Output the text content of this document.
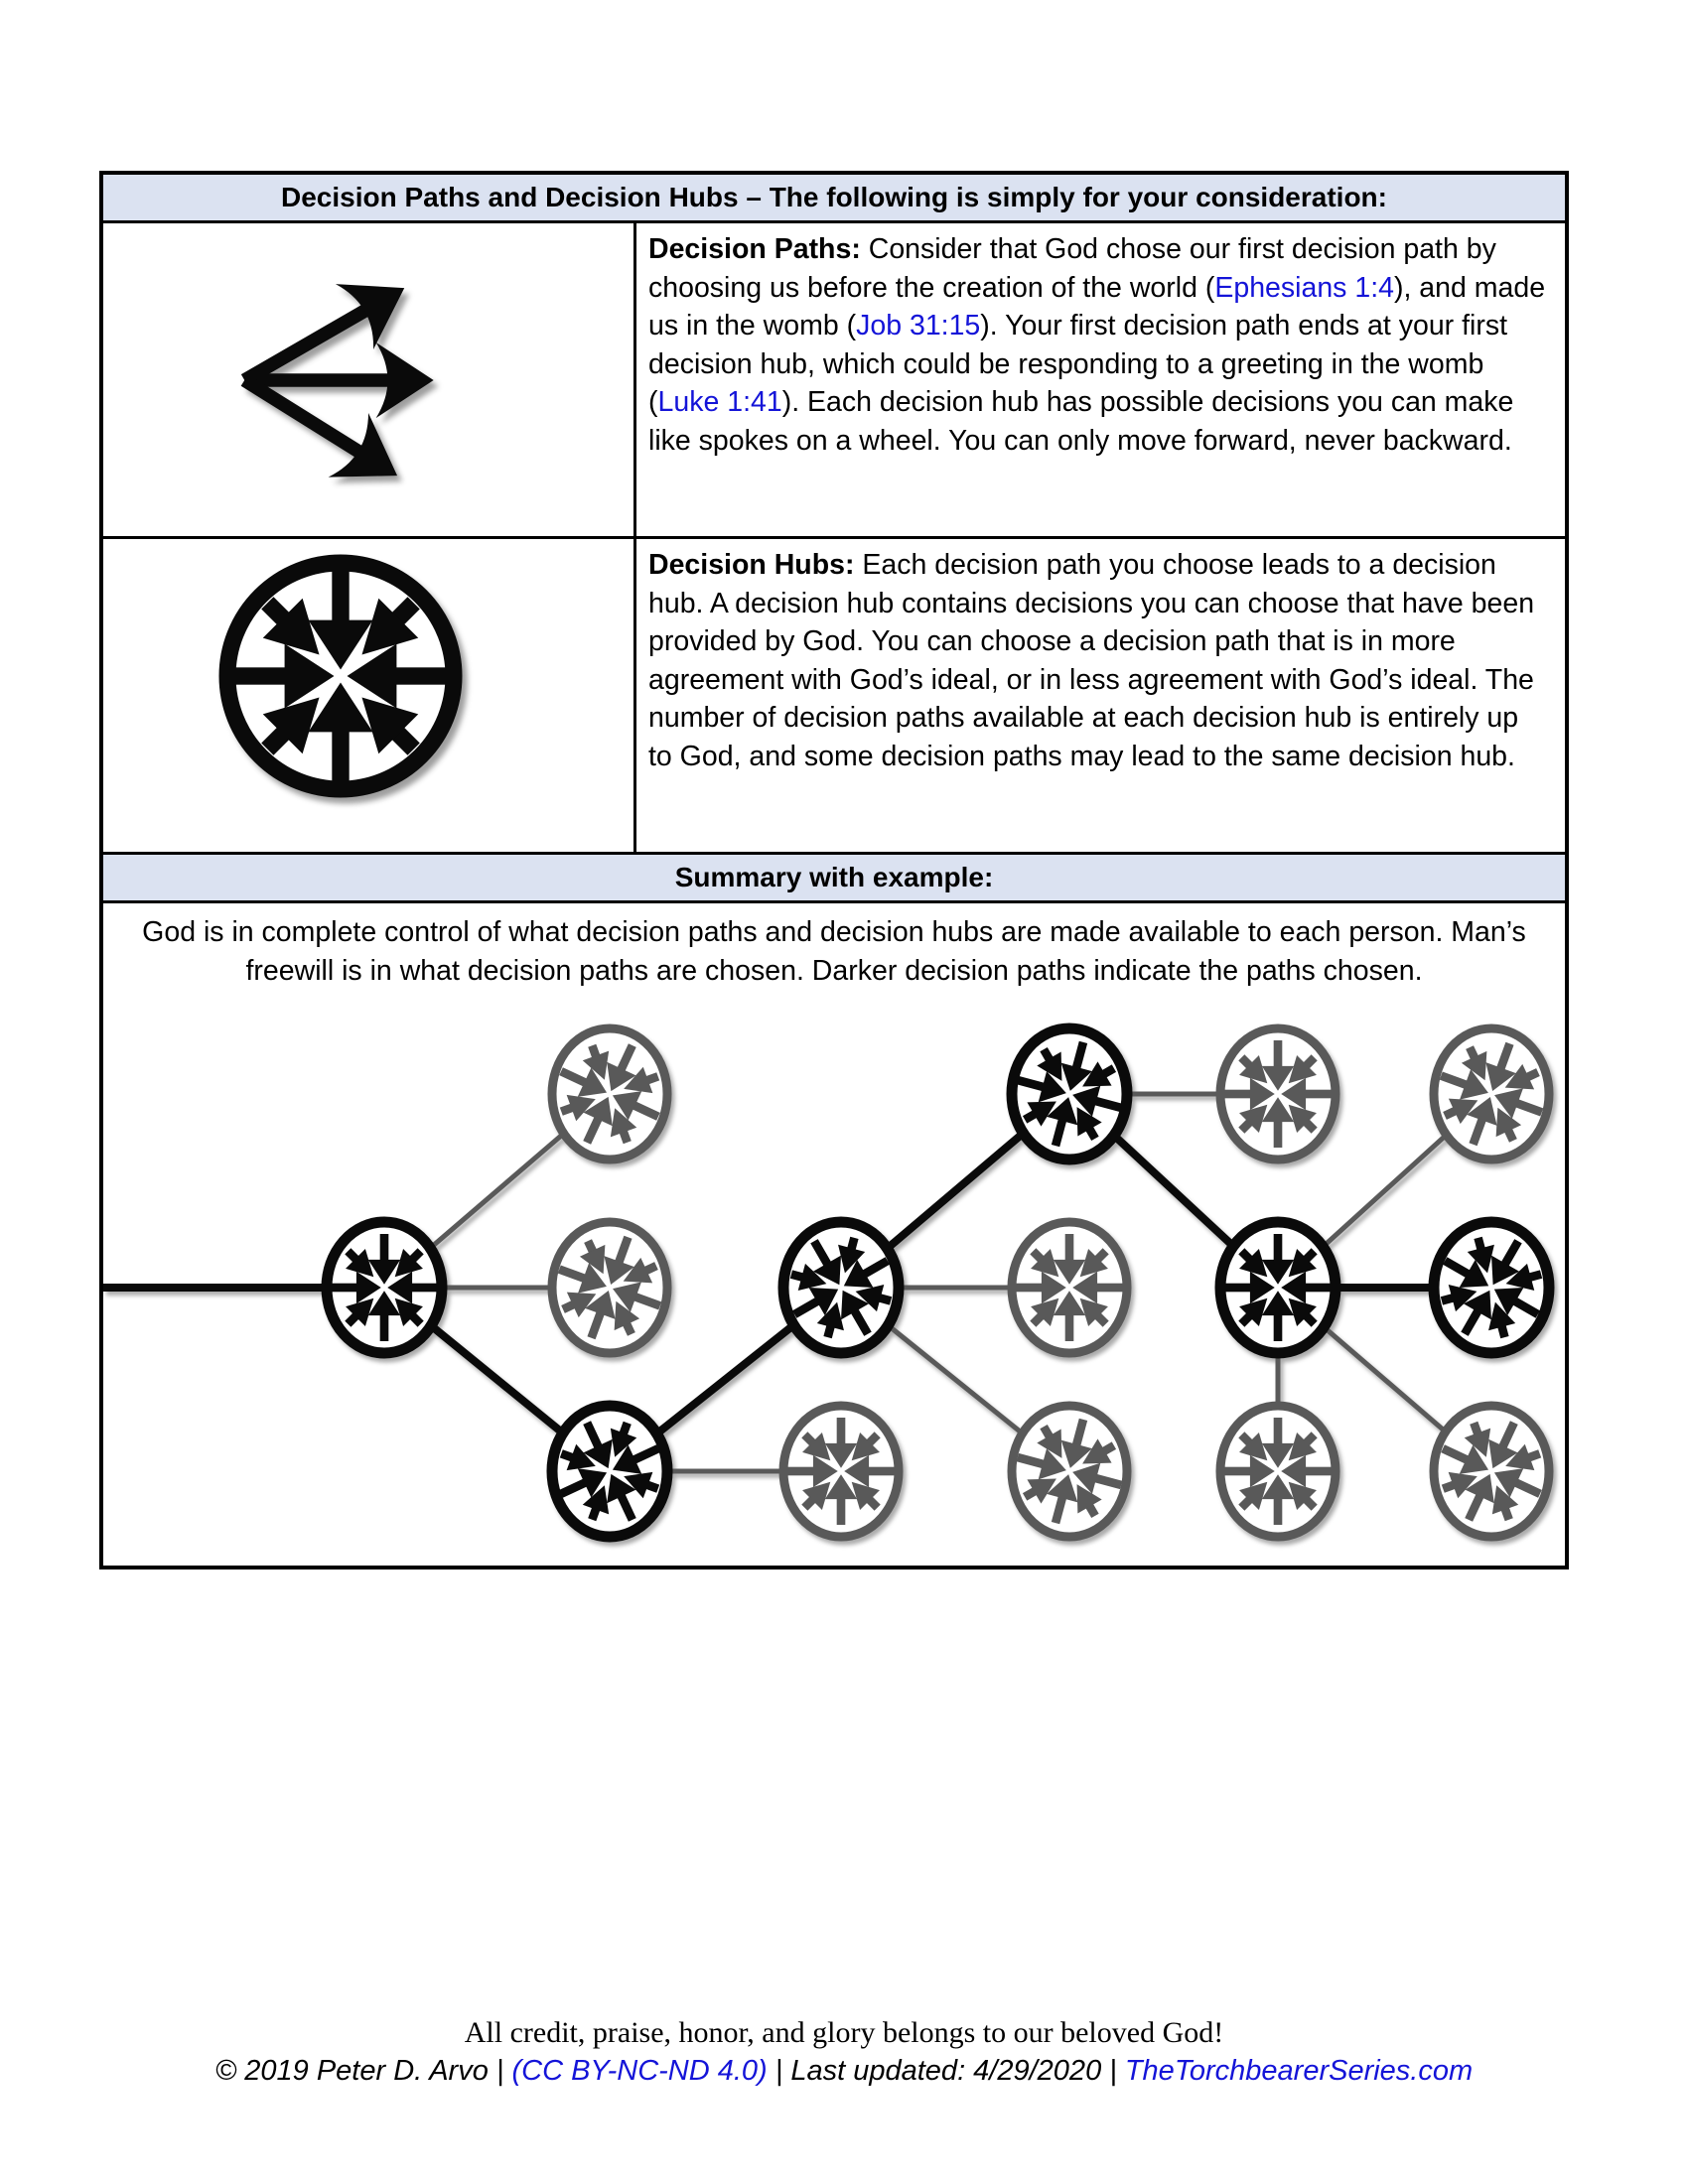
Decision Paths and Decision Hubs – The following is simply for your consideration:
Decision Paths: Consider that God chose our first decision path by choosing us before the creation of the world (Ephesians 1:4), and made us in the womb (Job 31:15). Your first decision path ends at your first decision hub, which could be responding to a greeting in the womb (Luke 1:41). Each decision hub has possible decisions you can make like spokes on a wheel. You can only move forward, never backward.
Decision Hubs: Each decision path you choose leads to a decision hub. A decision hub contains decisions you can choose that have been provided by God. You can choose a decision path that is in more agreement with God’s ideal, or in less agreement with God’s ideal. The number of decision paths available at each decision hub is entirely up to God, and some decision paths may lead to the same decision hub.
Summary with example:
God is in complete control of what decision paths and decision hubs are made available to each person. Man’s freewill is in what decision paths are chosen. Darker decision paths indicate the paths chosen.
All credit, praise, honor, and glory belongs to our beloved God!
© 2019 Peter D. Arvo | (CC BY-NC-ND 4.0) | Last updated: 4/29/2020 | TheTorchbearerSeries.com
